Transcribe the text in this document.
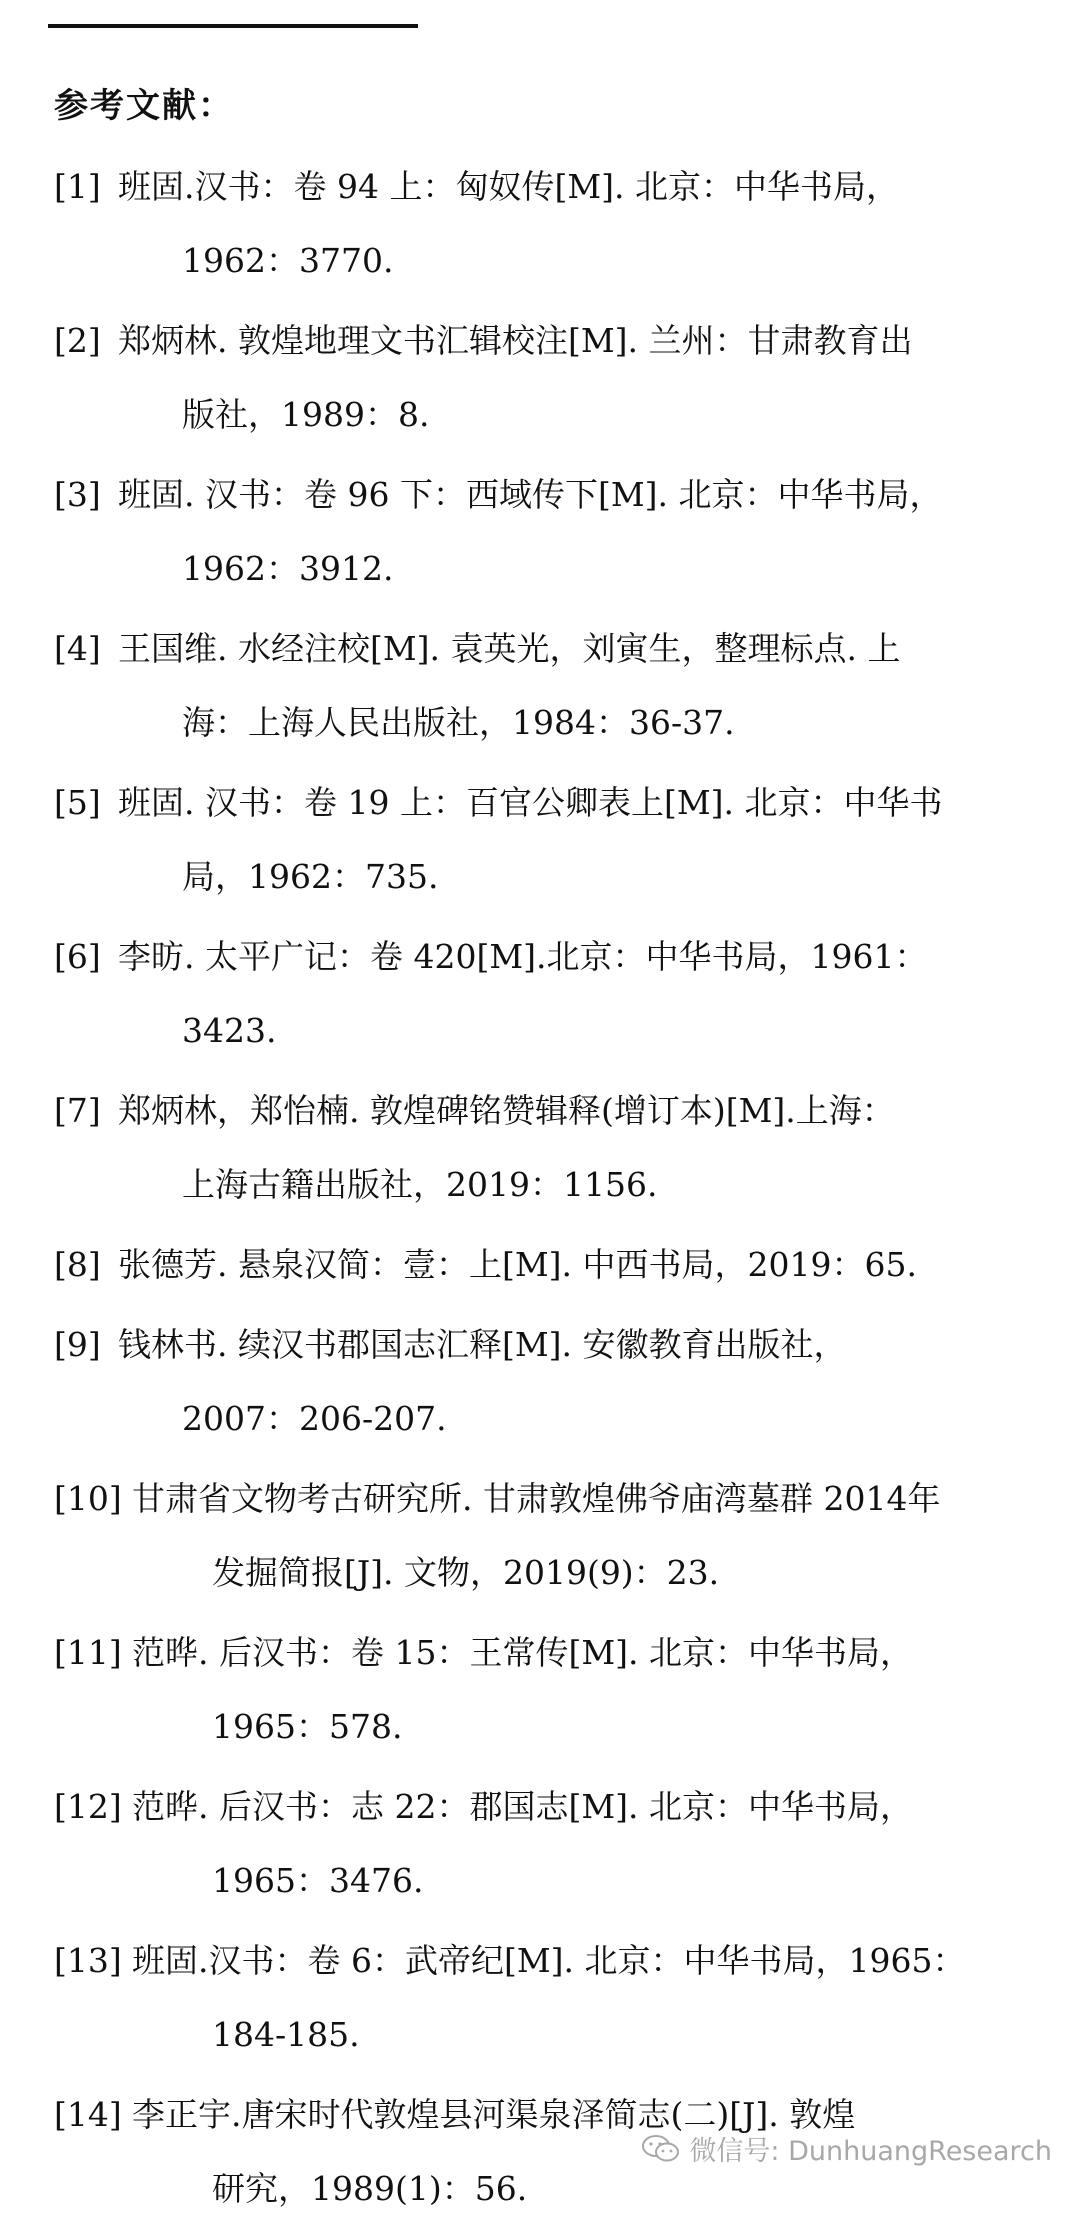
参考文献：
[1] 班固.汉书：卷 94 上：匈奴传[M]. 北京：中华书局，
1962：3770.
[2] 郑炳林. 敦煌地理文书汇辑校注[M]. 兰州：甘肃教育出
版社，1989：8.
[3] 班固. 汉书：卷 96 下：西域传下[M]. 北京：中华书局，
1962：3912.
[4] 王国维. 水经注校[M]. 袁英光，刘寅生，整理标点. 上
海：上海人民出版社，1984：36-37.
[5] 班固. 汉书：卷 19 上：百官公卿表上[M]. 北京：中华书
局，1962：735.
[6] 李昉. 太平广记：卷 420[M].北京：中华书局，1961：
3423.
[7] 郑炳林，郑怡楠. 敦煌碑铭赞辑释(增订本)[M].上海：
上海古籍出版社，2019：1156.
[8] 张德芳. 悬泉汉简：壹：上[M]. 中西书局，2019：65.
[9] 钱林书. 续汉书郡国志汇释[M]. 安徽教育出版社，
2007：206-207.
[10] 甘肃省文物考古研究所. 甘肃敦煌佛爷庙湾墓群 2014年
发掘简报[J]. 文物，2019(9)：23.
[11] 范晔. 后汉书：卷 15：王常传[M]. 北京：中华书局，
1965：578.
[12] 范晔. 后汉书：志 22：郡国志[M]. 北京：中华书局，
1965：3476.
[13] 班固.汉书：卷 6：武帝纪[M]. 北京：中华书局，1965：
184-185.
[14] 李正宇.唐宋时代敦煌县河渠泉泽简志(二)[J]. 敦煌
研究，1989(1)：56.
微信号: DunhuangResearch
